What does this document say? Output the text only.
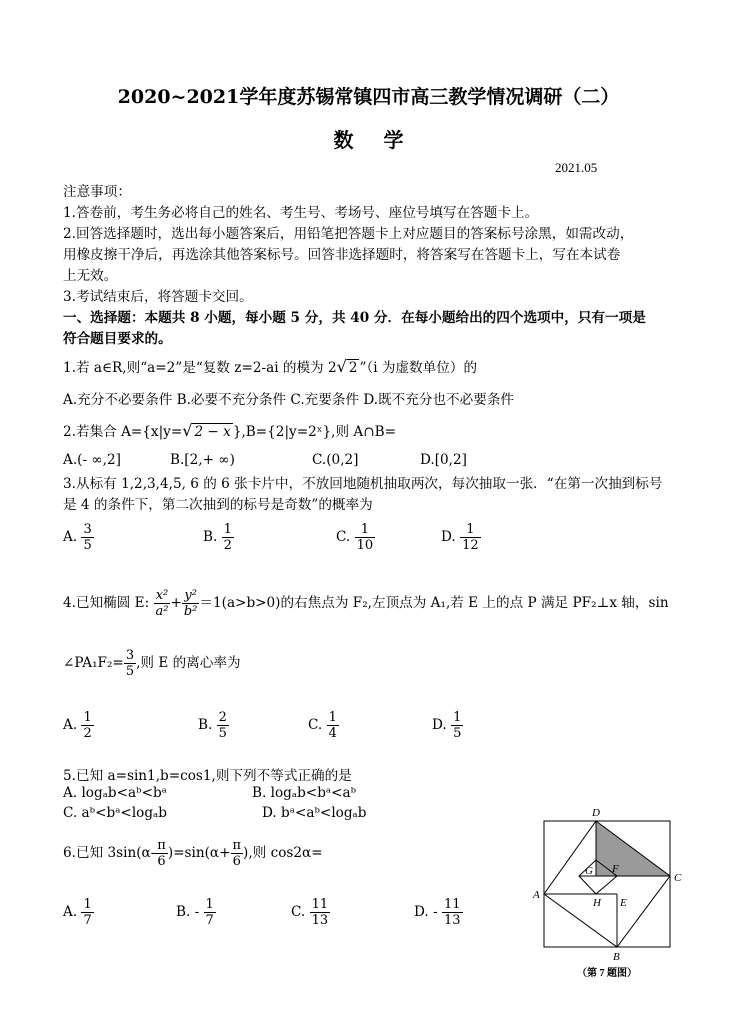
2020~2021学年度苏锡常镇四市高三教学情况调研（二）
数学
2021.05
注意事项：
1.答卷前，考生务必将自己的姓名、考生号、考场号、座位号填写在答题卡上。
2.回答选择题时，选出每小题答案后，用铅笔把答题卡上对应题目的答案标号涂黑，如需改动，
用橡皮擦干净后，再选涂其他答案标号。回答非选择题时，将答案写在答题卡上，写在本试卷
上无效。
3.考试结束后，将答题卡交回。
一、选择题：本题共 8 小题，每小题 5 分，共 40 分．在每小题给出的四个选项中，只有一项是
符合题目要求的。
1.若 a∈R,则“a=2”是“复数 z=2-ai 的模为 2√ 2 ”（i 为虚数单位）的
A.充分不必要条件 B.必要不充分条件 C.充要条件 D.既不充分也不必要条件
2.若集合 A={x|y=√ 2 − x },B={2|y=2ˣ},则 A∩B=
A.(- ∞,2]	B.[2,+ ∞)	C.(0,2]	D.[0,2]
3.从标有 1,2,3,4,5, 6 的 6 张卡片中，不放回地随机抽取两次，每次抽取一张．“在第一次抽到标号
是 4 的条件下，第二次抽到的标号是奇数”的概率为
A. $\frac{3}{5}$	B. $\frac{1}{2}$	C. $\frac{1}{10}$	D. $\frac{1}{12}$
4.已知椭圆 E: $\frac{\text{x²}}{\text{a²}} + \frac{\text{y²}}{\text{b²}} =1(a>b>0)$的右焦点为 F₂,左顶点为 A₁,若 E 上的点 P 满足 PF₂⊥x 轴，sin
∠PA₁F₂= $\frac{3}{5}$ ,则 E 的离心率为
A. $\frac{1}{2}$	B. $\frac{2}{5}$	C. $\frac{1}{4}$	D. $\frac{1}{5}$
5.已知 a=sin1,b=cos1,则下列不等式正确的是
A. logₐb<aᵇ<bᵃ	B. logₐb<bᵃ<aᵇ
C. aᵇ<bᵃ<logₐb	D. bᵃ<aᵇ<logₐb
6.已知 $3\sin(\alpha- \frac{\pi}{6} )=\sin(\alpha+ \frac{\pi}{6}$ ),则 cos2α=
A. $\frac{1}{7}$	B. - $\frac{1}{7}$	C. $\frac{11}{13}$	D. - $\frac{11}{13}$
D
G F
C
A
H E
B
（第 7 题图）
